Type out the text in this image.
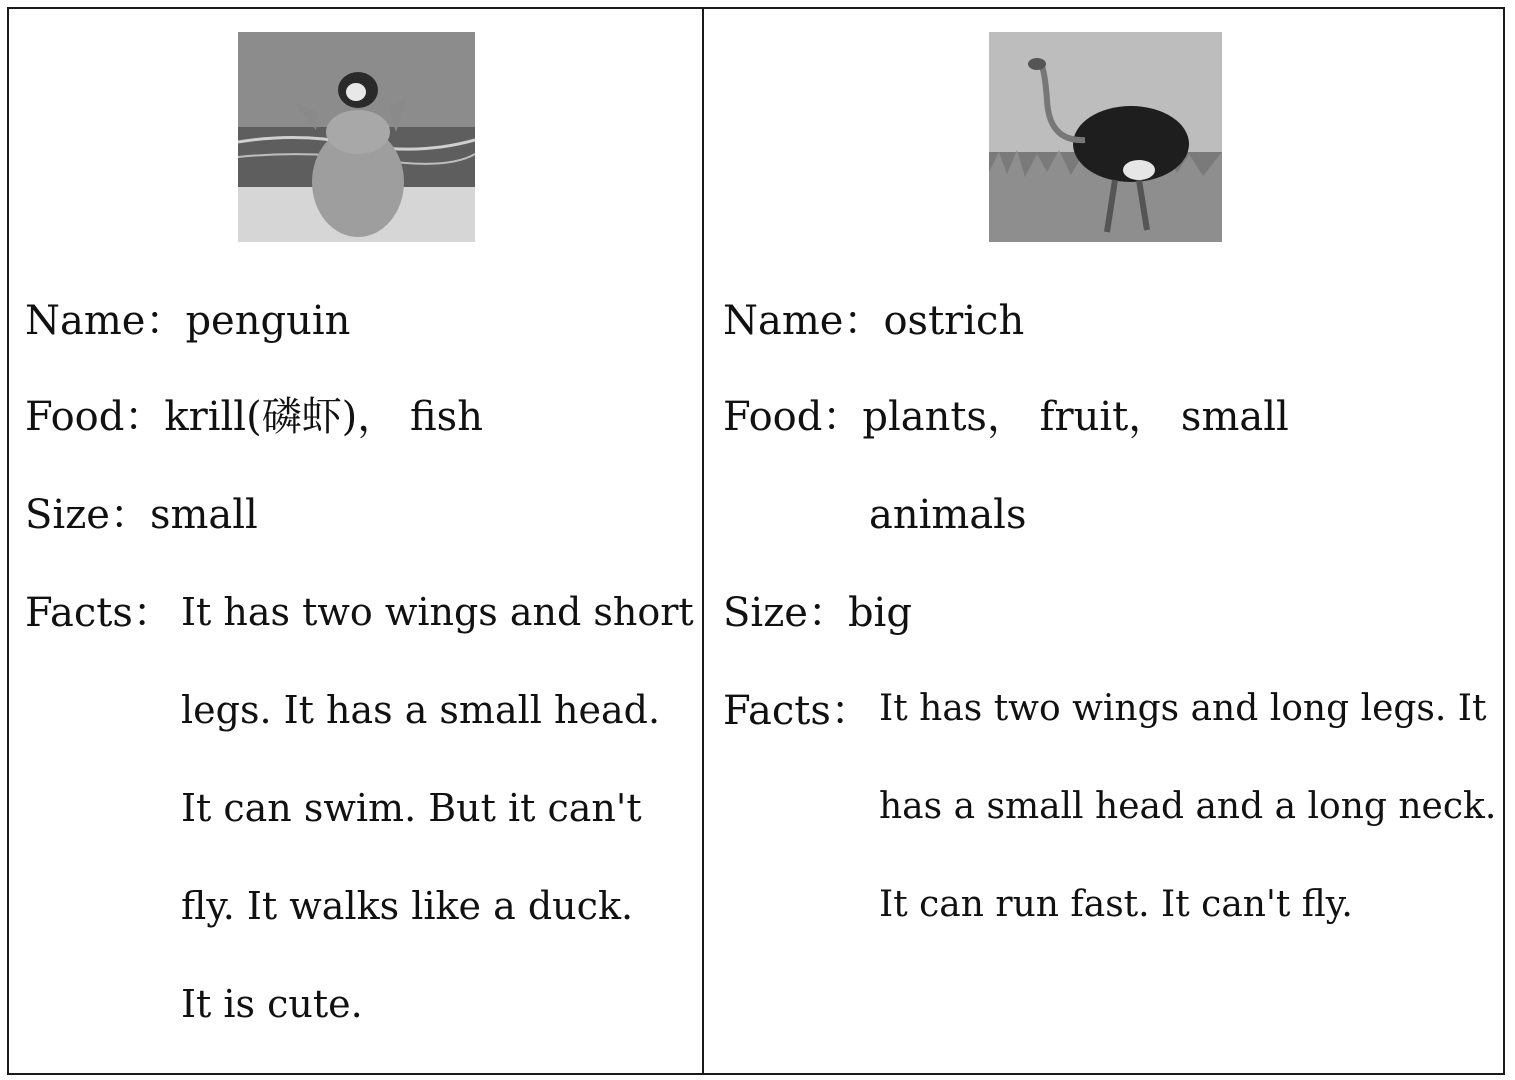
Name：penguin
Food：krill(磷虾)， fish
Size：small
Facts： It has two wings and short
legs. It has a small head.
It can swim. But it can't
fly. It walks like a duck.
It is cute.
Name：ostrich
Food：plants， fruit， small
animals
Size：big
Facts： It has two wings and long legs. It
has a small head and a long neck.
It can run fast. It can't fly.
